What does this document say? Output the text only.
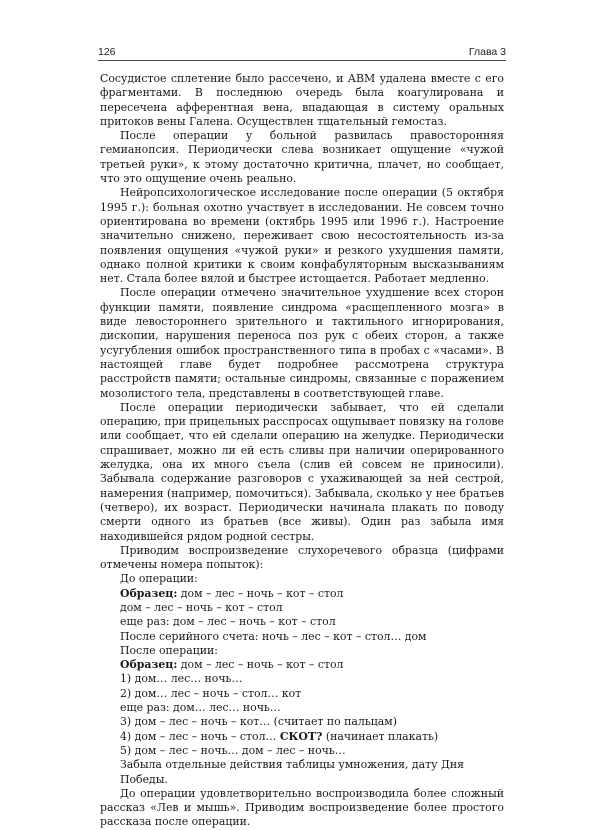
126	Глава 3

Сосудистое сплетение было рассечено, и АВМ удалена вместе с его фрагментами. В последнюю очередь была коагулирована и пересечена афферентная вена, впадающая в систему оральных притоков вены Галена. Осуществлен тщательный гемостаз.

После операции у больной развилась правосторонняя гемианопсия. Периодически слева возникает ощущение «чужой третьей руки», к этому достаточно критична, плачет, но сообщает, что это ощущение очень реально.

Нейропсихологическое исследование после операции (5 октября 1995 г.): больная охотно участвует в исследовании. Не совсем точно ориентирована во времени (октябрь 1995 или 1996 г.). Настроение значительно снижено, переживает свою несостоятельность из-за появления ощущения «чужой руки» и резкого ухудшения памяти, однако полной критики к своим конфабуляторным высказываниям нет. Стала более вялой и быстрее истощается. Работает медленно.

После операции отмечено значительное ухудшение всех сторон функции памяти, появление синдрома «расщепленного мозга» в виде левостороннего зрительного и тактильного игнорирования, дископии, нарушения переноса поз рук с обеих сторон, а также усугубления ошибок пространственного типа в пробах с «часами». В настоящей главе будет подробнее рассмотрена структура расстройств памяти; остальные синдромы, связанные с поражением мозолистого тела, представлены в соответствующей главе.

После операции периодически забывает, что ей сделали операцию, при прицельных расспросах ощупывает повязку на голове или сообщает, что ей сделали операцию на желудке. Периодически спрашивает, можно ли ей есть сливы при наличии оперированного желудка, она их много съела (слив ей совсем не приносили). Забывала содержание разговоров с ухаживающей за ней сестрой, намерения (например, помочиться). Забывала, сколько у нее братьев (четверо), их возраст. Периодически начинала плакать по поводу смерти одного из братьев (все живы). Один раз забыла имя находившейся рядом родной сестры.

Приводим воспроизведение слухоречевого образца (цифрами отмечены номера попыток):

До операции:

Образец: дом – лес – ночь – кот – стол

дом – лес – ночь – кот – стол

еще раз: дом – лес – ночь – кот – стол

После серийного счета: ночь – лес – кот – стол… дом

После операции:

Образец: дом – лес – ночь – кот – стол

1) дом… лес… ночь…

2) дом… лес – ночь – стол… кот

еще раз: дом… лес… ночь…

3) дом – лес – ночь – кот… (считает по пальцам)

4) дом – лес – ночь – стол… СКОТ? (начинает плакать)

5) дом – лес – ночь… дом – лес – ночь…

Забыла отдельные действия таблицы умножения, дату Дня Победы.

До операции удовлетворительно воспроизводила более сложный рассказ «Лев и мышь». Приводим воспроизведение более простого рассказа после операции.
